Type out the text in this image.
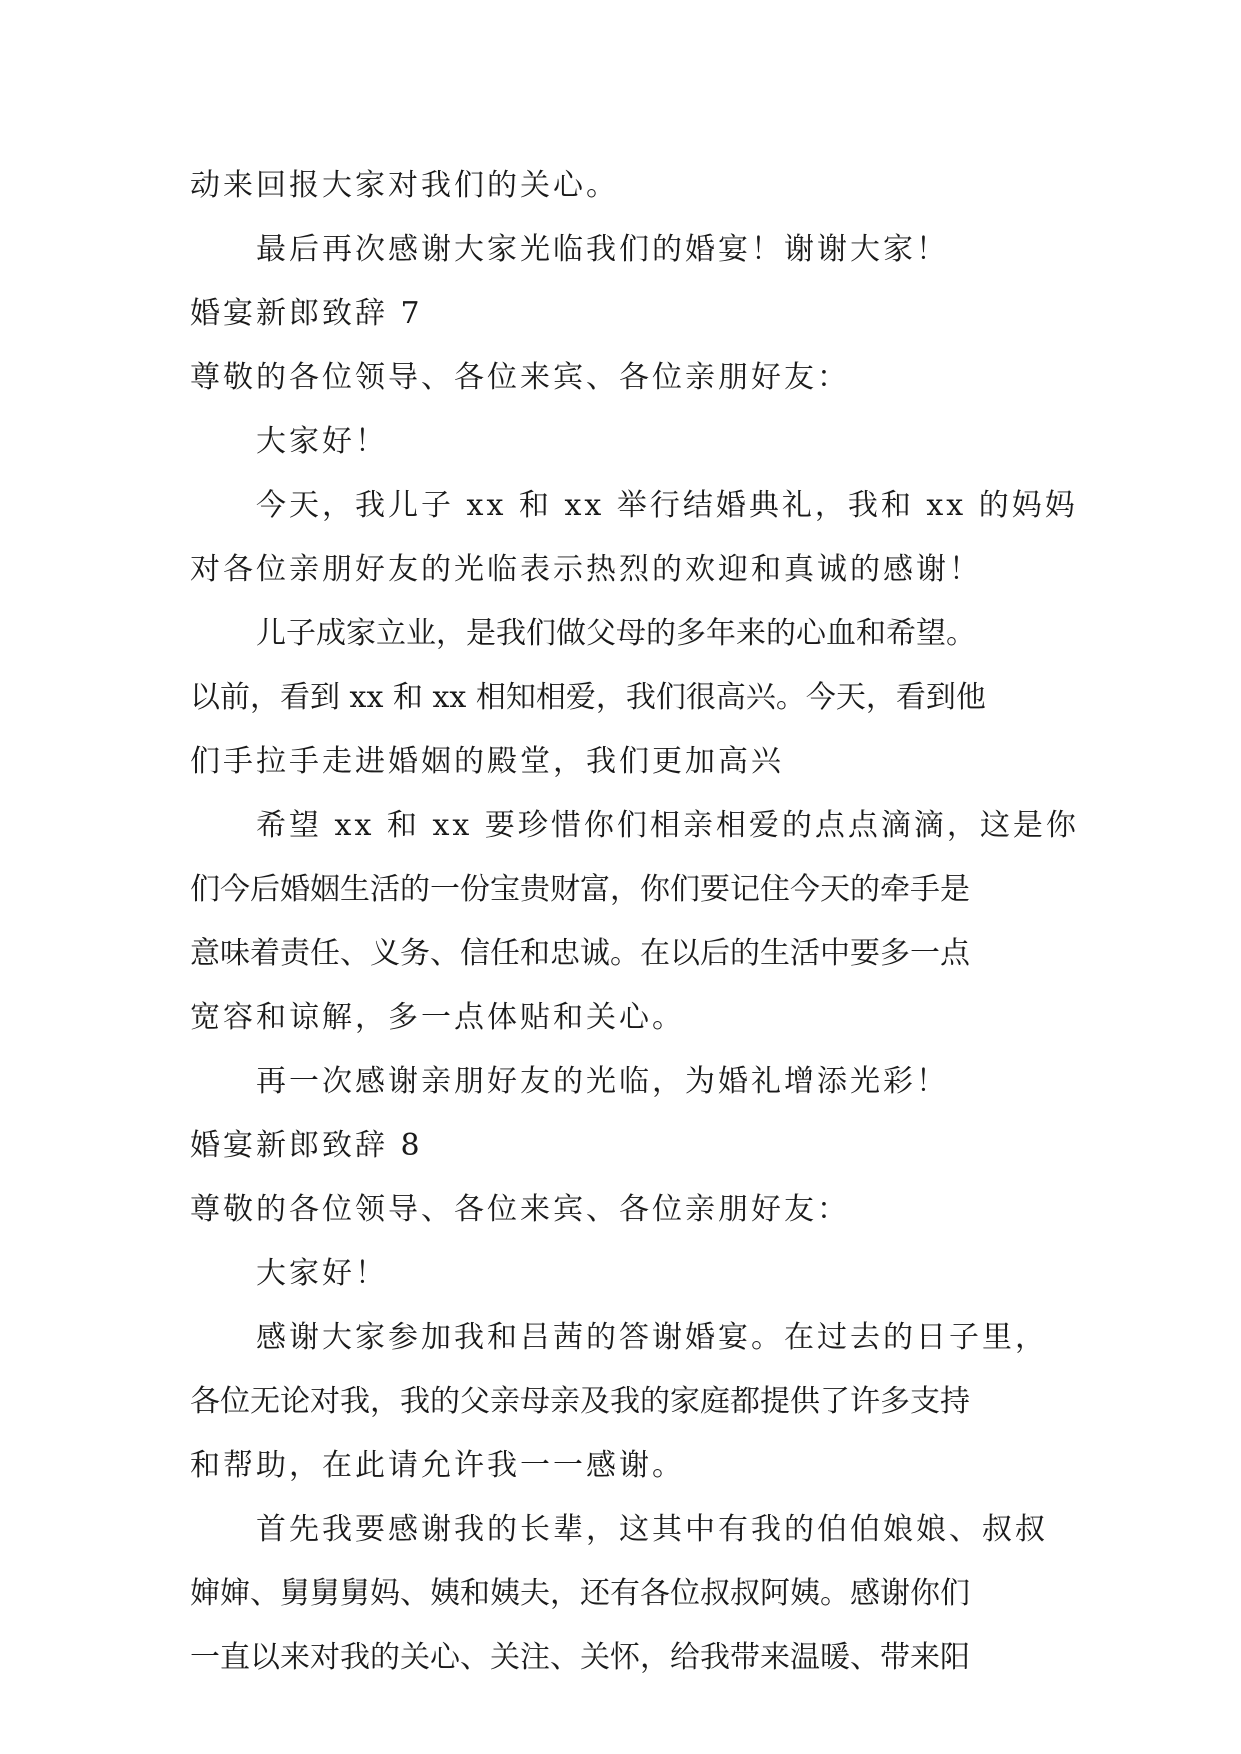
动来回报大家对我们的关心。
最后再次感谢大家光临我们的婚宴！谢谢大家！
婚宴新郎致辞 7
尊敬的各位领导、各位来宾、各位亲朋好友：
大家好！
今天，我儿子 xx 和 xx 举行结婚典礼，我和 xx 的妈妈
对各位亲朋好友的光临表示热烈的欢迎和真诚的感谢！
儿子成家立业，是我们做父母的多年来的心血和希望。
以前，看到 xx 和 xx 相知相爱，我们很高兴。今天，看到他
们手拉手走进婚姻的殿堂，我们更加高兴
希望 xx 和 xx 要珍惜你们相亲相爱的点点滴滴，这是你
们今后婚姻生活的一份宝贵财富，你们要记住今天的牵手是
意味着责任、义务、信任和忠诚。在以后的生活中要多一点
宽容和谅解，多一点体贴和关心。
再一次感谢亲朋好友的光临，为婚礼增添光彩！
婚宴新郎致辞 8
尊敬的各位领导、各位来宾、各位亲朋好友：
大家好！
感谢大家参加我和吕茜的答谢婚宴。在过去的日子里，
各位无论对我，我的父亲母亲及我的家庭都提供了许多支持
和帮助，在此请允许我一一感谢。
首先我要感谢我的长辈，这其中有我的伯伯娘娘、叔叔
婶婶、舅舅舅妈、姨和姨夫，还有各位叔叔阿姨。感谢你们
一直以来对我的关心、关注、关怀，给我带来温暖、带来阳
